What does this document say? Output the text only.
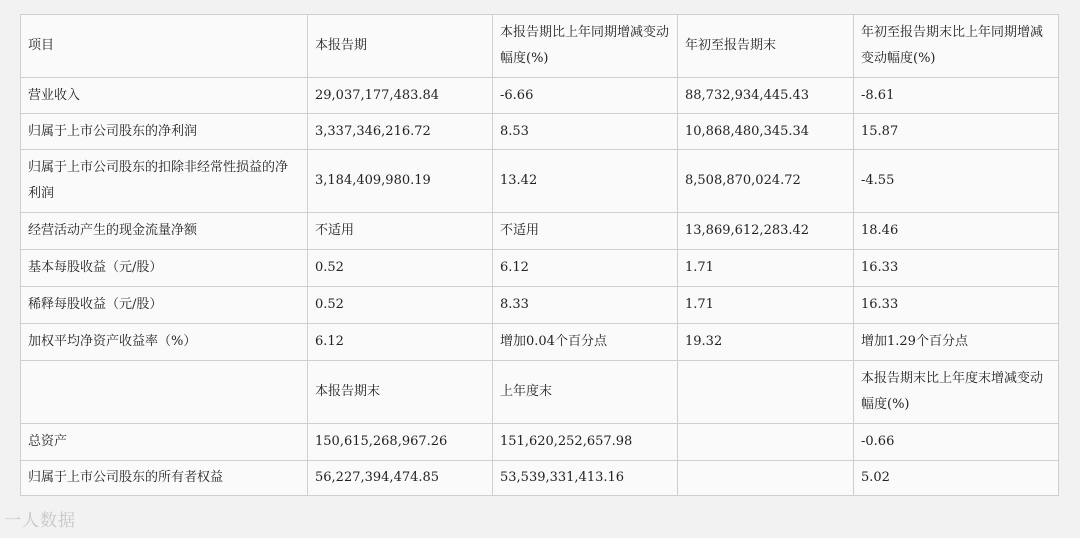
项目	本报告期	本报告期比上年同期增减变动幅度(%)	年初至报告期末	年初至报告期末比上年同期增减变动幅度(%)
营业收入	29,037,177,483.84	-6.66	88,732,934,445.43	-8.61
归属于上市公司股东的净利润	3,337,346,216.72	8.53	10,868,480,345.34	15.87
归属于上市公司股东的扣除非经常性损益的净利润	3,184,409,980.19	13.42	8,508,870,024.72	-4.55
经营活动产生的现金流量净额	不适用	不适用	13,869,612,283.42	18.46
基本每股收益（元/股）	0.52	6.12	1.71	16.33
稀释每股收益（元/股）	0.52	8.33	1.71	16.33
加权平均净资产收益率（%）	6.12	增加0.04个百分点	19.32	增加1.29个百分点
	本报告期末	上年度末		本报告期末比上年度末增减变动幅度(%)
总资产	150,615,268,967.26	151,620,252,657.98		-0.66
归属于上市公司股东的所有者权益	56,227,394,474.85	53,539,331,413.16		5.02
一人数据
